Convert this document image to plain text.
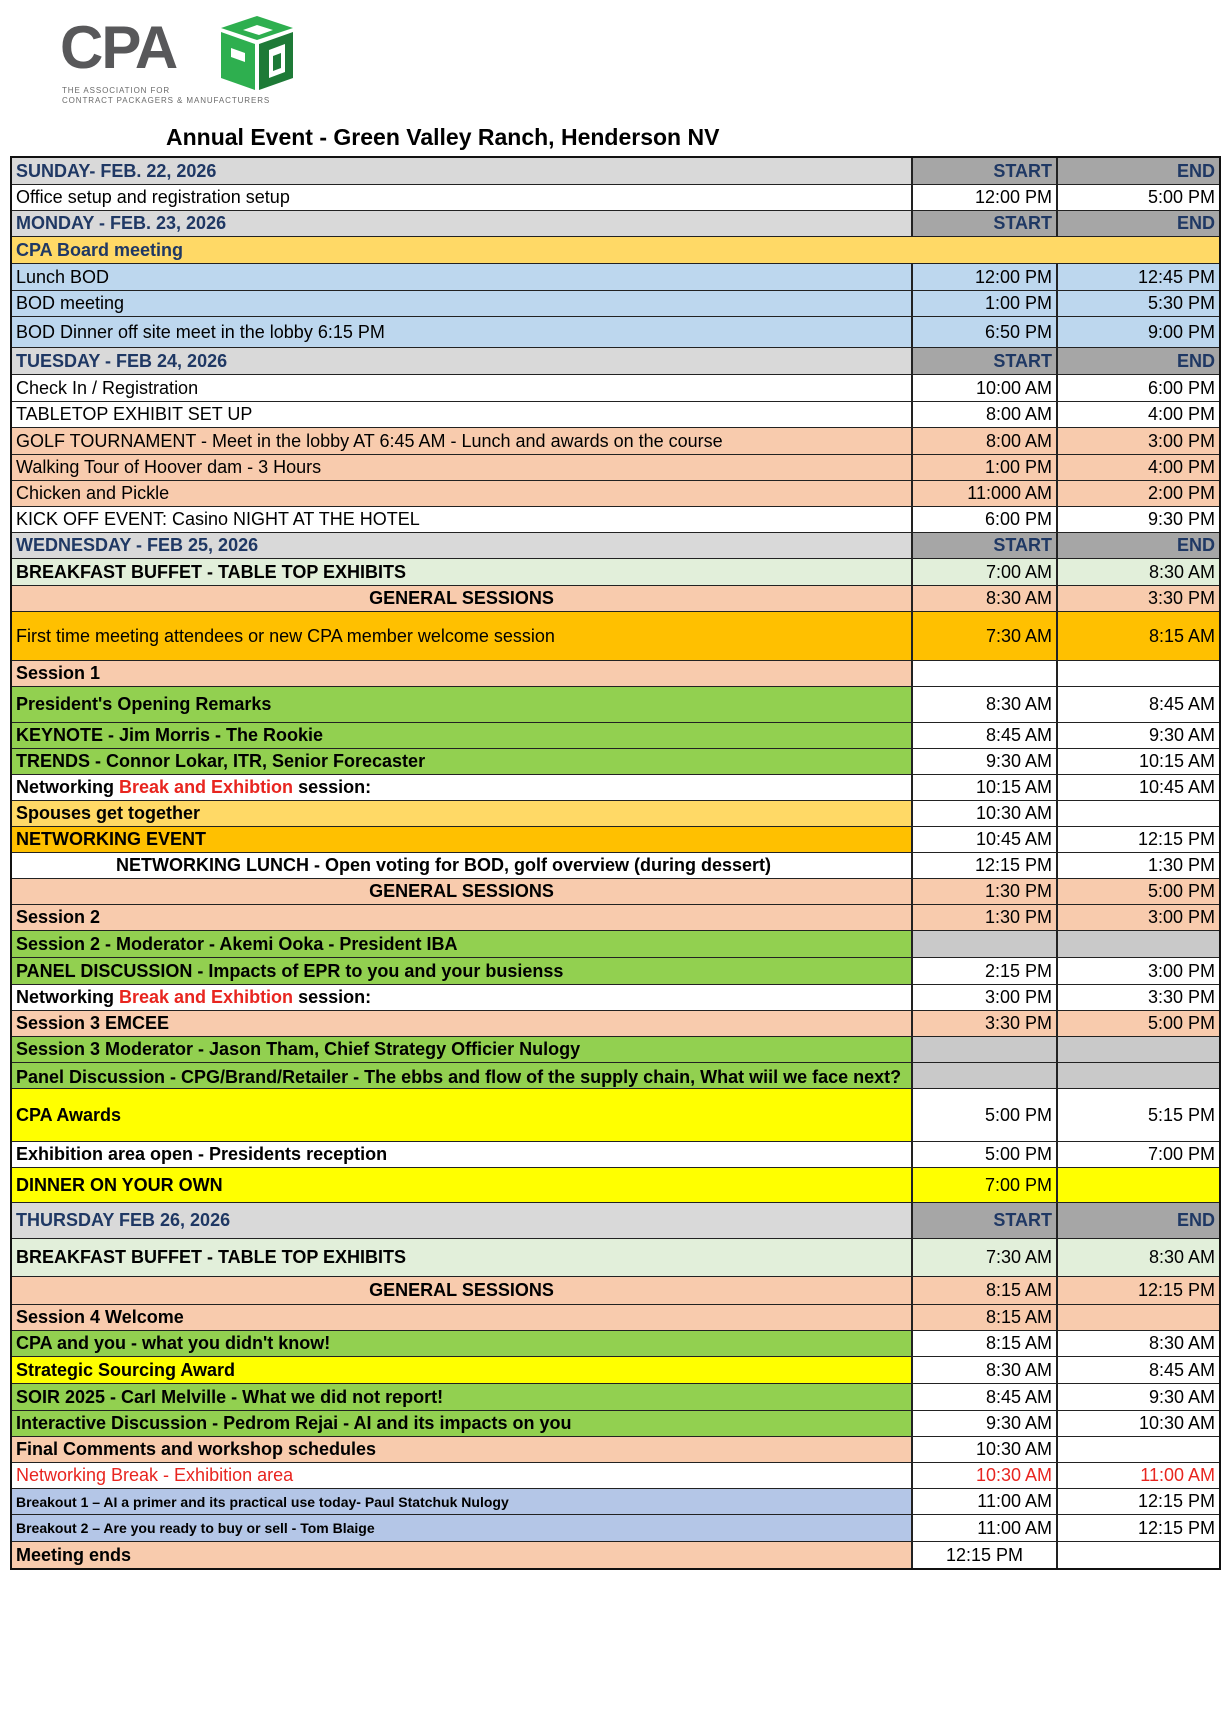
CPA
THE ASSOCIATION FOR
CONTRACT PACKAGERS & MANUFACTURERS
Annual Event - Green Valley Ranch, Henderson NV
SUNDAY- FEB. 22, 2026	START	END
Office setup and registration setup	12:00 PM	5:00 PM
MONDAY - FEB. 23, 2026	START	END
CPA Board meeting
Lunch BOD	12:00 PM	12:45 PM
BOD meeting	1:00 PM	5:30 PM
BOD Dinner off site meet in the lobby 6:15 PM	6:50 PM	9:00 PM
TUESDAY - FEB 24, 2026	START	END
Check In / Registration	10:00 AM	6:00 PM
TABLETOP EXHIBIT SET UP	8:00 AM	4:00 PM
GOLF TOURNAMENT - Meet in the lobby AT 6:45 AM - Lunch and awards on the course	8:00 AM	3:00 PM
Walking Tour of Hoover dam - 3 Hours	1:00 PM	4:00 PM
Chicken and Pickle	11:000 AM	2:00 PM
KICK OFF EVENT: Casino NIGHT AT THE HOTEL	6:00 PM	9:30 PM
WEDNESDAY - FEB 25, 2026	START	END
BREAKFAST BUFFET - TABLE TOP EXHIBITS	7:00 AM	8:30 AM
GENERAL SESSIONS	8:30 AM	3:30 PM
First time meeting attendees or new CPA member welcome session	7:30 AM	8:15 AM
Session 1
President's Opening Remarks	8:30 AM	8:45 AM
KEYNOTE - Jim Morris - The Rookie	8:45 AM	9:30 AM
TRENDS - Connor Lokar, ITR, Senior Forecaster	9:30 AM	10:15 AM
Networking Break and Exhibtion session:	10:15 AM	10:45 AM
Spouses get together	10:30 AM
NETWORKING EVENT	10:45 AM	12:15 PM
NETWORKING LUNCH - Open voting for BOD, golf overview (during dessert)	12:15 PM	1:30 PM
GENERAL SESSIONS	1:30 PM	5:00 PM
Session 2	1:30 PM	3:00 PM
Session 2 - Moderator - Akemi Ooka - President IBA
PANEL DISCUSSION - Impacts of EPR to you and your busienss	2:15 PM	3:00 PM
Networking Break and Exhibtion session:	3:00 PM	3:30 PM
Session 3 EMCEE	3:30 PM	5:00 PM
Session 3 Moderator - Jason Tham, Chief Strategy Officier Nulogy
Panel Discussion - CPG/Brand/Retailer - The ebbs and flow of the supply chain, What wiil we face next?
CPA Awards	5:00 PM	5:15 PM
Exhibition area open - Presidents reception	5:00 PM	7:00 PM
DINNER ON YOUR OWN	7:00 PM
THURSDAY FEB 26, 2026	START	END
BREAKFAST BUFFET - TABLE TOP EXHIBITS	7:30 AM	8:30 AM
GENERAL SESSIONS	8:15 AM	12:15 PM
Session 4 Welcome	8:15 AM
CPA and you - what you didn't know!	8:15 AM	8:30 AM
Strategic Sourcing Award	8:30 AM	8:45 AM
SOIR 2025 - Carl Melville - What we did not report!	8:45 AM	9:30 AM
Interactive Discussion - Pedrom Rejai - AI and its impacts on you	9:30 AM	10:30 AM
Final Comments and workshop schedules	10:30 AM
Networking Break - Exhibition area	10:30 AM	11:00 AM
Breakout 1 – AI a primer and its practical use today- Paul Statchuk Nulogy	11:00 AM	12:15 PM
Breakout 2 – Are you ready to buy or sell - Tom Blaige	11:00 AM	12:15 PM
Meeting ends	12:15 PM
